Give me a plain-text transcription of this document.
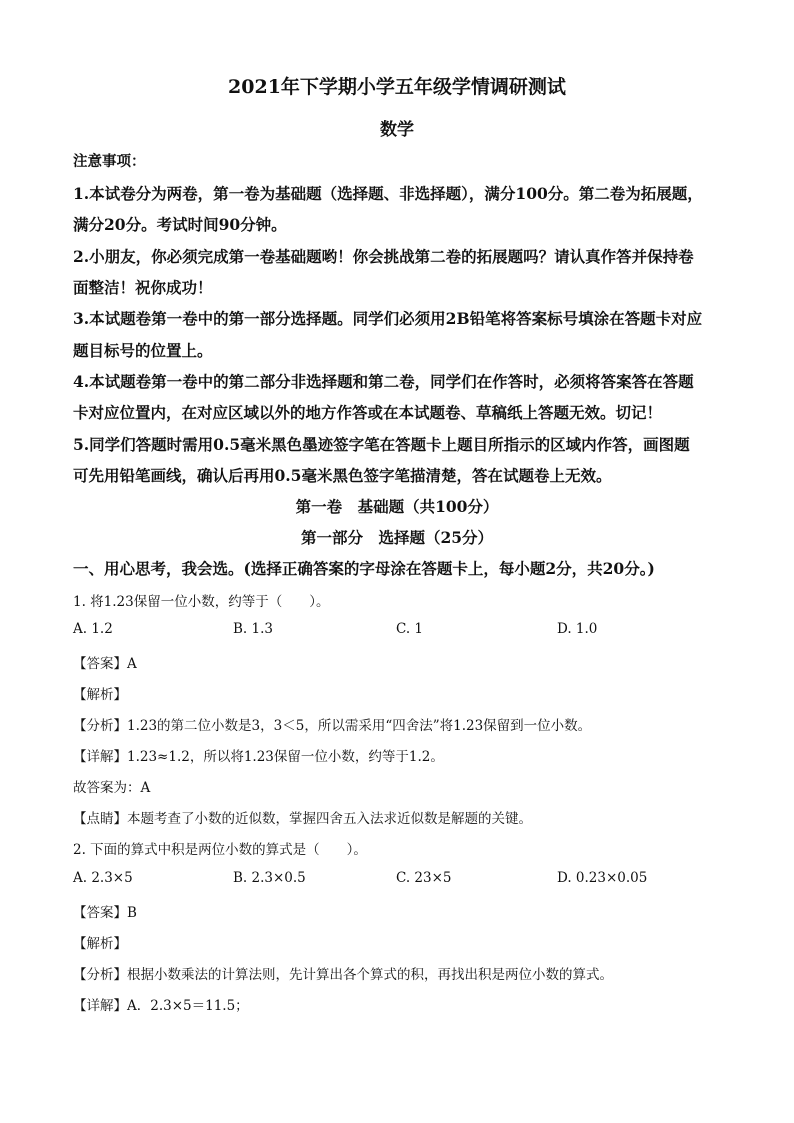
2021年下学期小学五年级学情调研测试
数学
注意事项：
1.本试卷分为两卷，第一卷为基础题（选择题、非选择题），满分100分。第二卷为拓展题，
满分20分。考试时间90分钟。
2.小朋友，你必须完成第一卷基础题哟！你会挑战第二卷的拓展题吗？请认真作答并保持卷
面整洁！祝你成功！
3.本试题卷第一卷中的第一部分选择题。同学们必须用2B铅笔将答案标号填涂在答题卡对应
题目标号的位置上。
4.本试题卷第一卷中的第二部分非选择题和第二卷，同学们在作答时，必须将答案答在答题
卡对应位置内，在对应区域以外的地方作答或在本试题卷、草稿纸上答题无效。切记！
5.同学们答题时需用0.5毫米黑色墨迹签字笔在答题卡上题目所指示的区域内作答，画图题
可先用铅笔画线，确认后再用0.5毫米黑色签字笔描清楚，答在试题卷上无效。
第一卷　基础题（共100分）
第一部分　选择题（25分）
一、用心思考，我会选。(选择正确答案的字母涂在答题卡上，每小题2分，共20分。)
1. 将1.23保留一位小数，约等于（　　）。
A. 1.2	B. 1.3	C. 1	D. 1.0
【答案】A
【解析】
【分析】1.23的第二位小数是3，3＜5，所以需采用“四舍法”将1.23保留到一位小数。
【详解】1.23≈1.2，所以将1.23保留一位小数，约等于1.2。
故答案为：A
【点睛】本题考查了小数的近似数，掌握四舍五入法求近似数是解题的关键。
2. 下面的算式中积是两位小数的算式是（　　）。
A. 2.3×5	B. 2.3×0.5	C. 23×5	D. 0.23×0.05
【答案】B
【解析】
【分析】根据小数乘法的计算法则，先计算出各个算式的积，再找出积是两位小数的算式。
【详解】A．2.3×5＝11.5；
